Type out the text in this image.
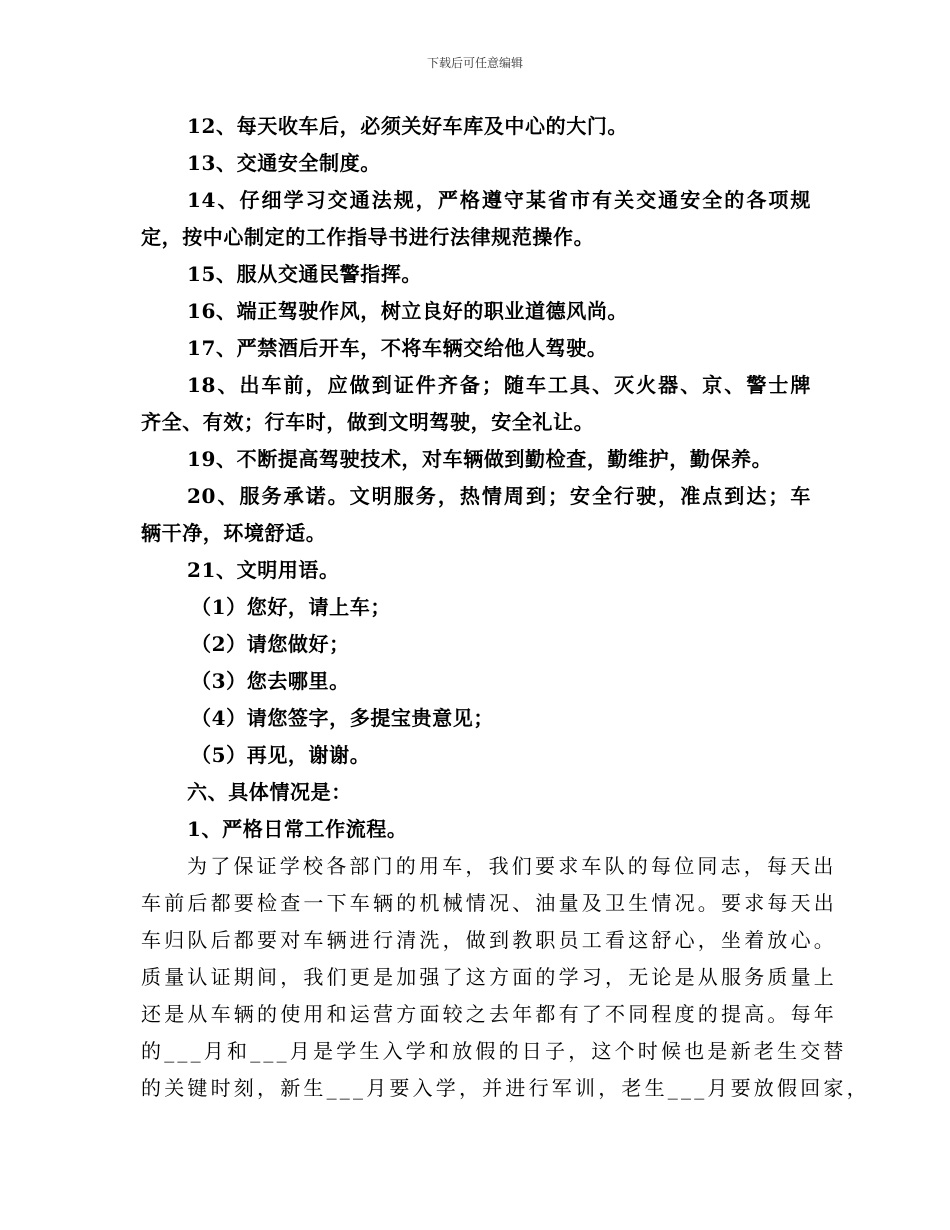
下载后可任意编辑

12、每天收车后，必须关好车库及中心的大门。

13、交通安全制度。

14、仔细学习交通法规，严格遵守某省市有关交通安全的各项规

定，按中心制定的工作指导书进行法律规范操作。

15、服从交通民警指挥。

16、端正驾驶作风，树立良好的职业道德风尚。

17、严禁酒后开车，不将车辆交给他人驾驶。

18、出车前，应做到证件齐备；随车工具、灭火器、京、警士牌

齐全、有效；行车时，做到文明驾驶，安全礼让。

19、不断提高驾驶技术，对车辆做到勤检查，勤维护，勤保养。

20、服务承诺。文明服务，热情周到；安全行驶，准点到达；车

辆干净，环境舒适。

21、文明用语。

（1）您好，请上车；

（2）请您做好；

（3）您去哪里。

（4）请您签字，多提宝贵意见；

（5）再见，谢谢。

六、具体情况是：

1、严格日常工作流程。

为了保证学校各部门的用车，我们要求车队的每位同志，每天出

车前后都要检查一下车辆的机械情况、油量及卫生情况。要求每天出

车归队后都要对车辆进行清洗，做到教职员工看这舒心，坐着放心。

质量认证期间，我们更是加强了这方面的学习，无论是从服务质量上

还是从车辆的使用和运营方面较之去年都有了不同程度的提高。每年

的___月和___月是学生入学和放假的日子，这个时候也是新老生交替

的关键时刻，新生___月要入学，并进行军训，老生___月要放假回家，
